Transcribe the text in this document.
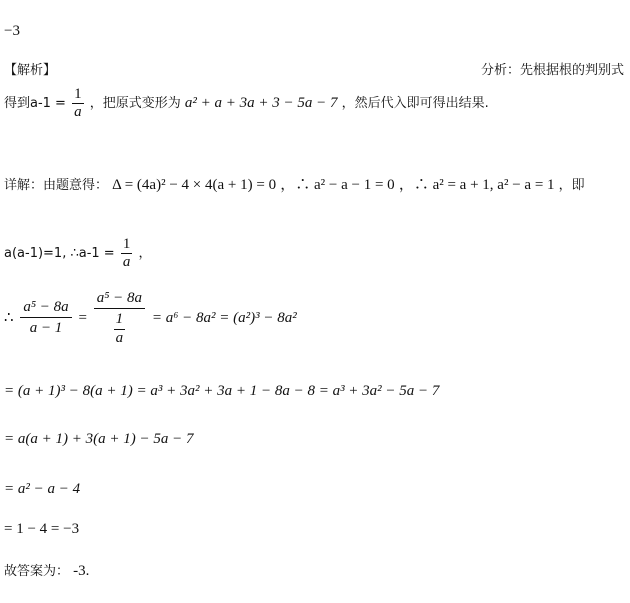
−3
【解析】	分析：先根据根的判别式
得到$a-1 = \frac{1}{a}$ ，把原式变形为 a² + a + 3a + 3 − 5a − 7 ，然后代入即可得出结果.
详解：由题意得： Δ = (4a)² − 4 × 4(a + 1) = 0 ，∴ a² − a − 1 = 0 ，∴ a² = a + 1, a² − a = 1 ，即
a(a-1)=1, ∴a-1 = $\frac{1}{a}$ ，
∴ $\frac{\text{a⁵ − 8a}}{a - 1} = \frac{\text{a⁵ − 8a}}{\frac{1}{a}} = a^6 - 8a^2 = (a^2)^3 - 8a^2$
= (a + 1)³ − 8(a + 1) = a³ + 3a² + 3a + 1 − 8a − 8 = a³ + 3a² − 5a − 7
= a(a + 1) + 3(a + 1) − 5a − 7
= a² − a − 4
= 1 − 4 = −3
故答案为： -3.
